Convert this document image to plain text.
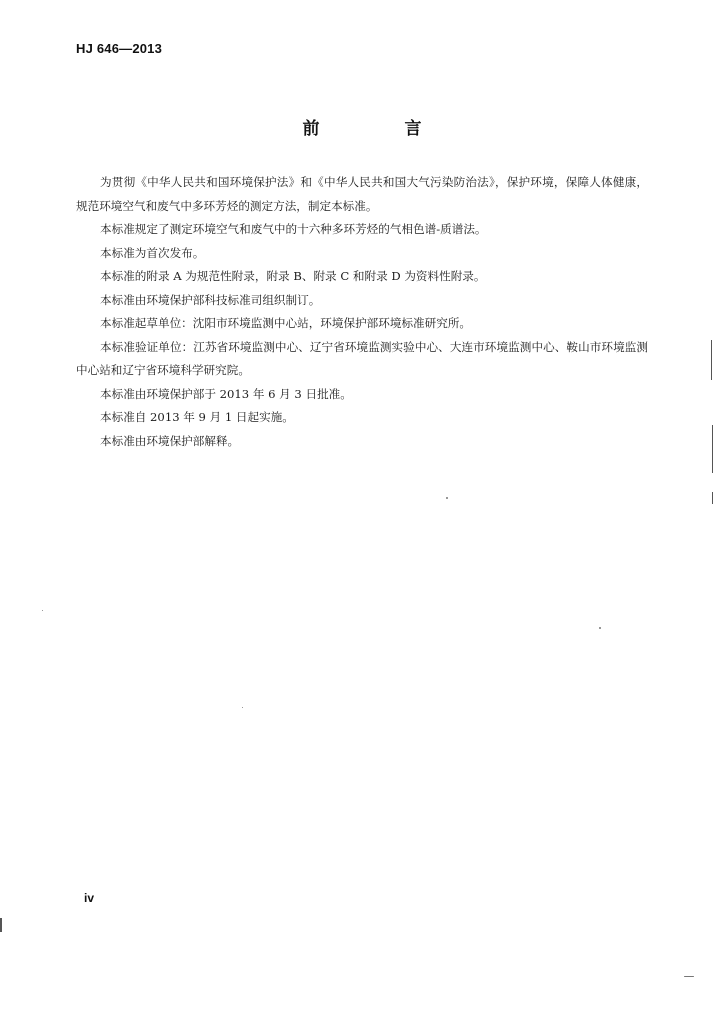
HJ 646—2013
前　言

为贯彻《中华人民共和国环境保护法》和《中华人民共和国大气污染防治法》，保护环境，保障人体健康，规范环境空气和废气中多环芳烃的测定方法，制定本标准。

本标准规定了测定环境空气和废气中的十六种多环芳烃的气相色谱-质谱法。

本标准为首次发布。

本标准的附录 A 为规范性附录，附录 B、附录 C 和附录 D 为资料性附录。

本标准由环境保护部科技标准司组织制订。

本标准起草单位：沈阳市环境监测中心站，环境保护部环境标准研究所。

本标准验证单位：江苏省环境监测中心、辽宁省环境监测实验中心、大连市环境监测中心、鞍山市环境监测中心站和辽宁省环境科学研究院。

本标准由环境保护部于 2013 年 6 月 3 日批准。

本标准自 2013 年 9 月 1 日起实施。

本标准由环境保护部解释。

iv
